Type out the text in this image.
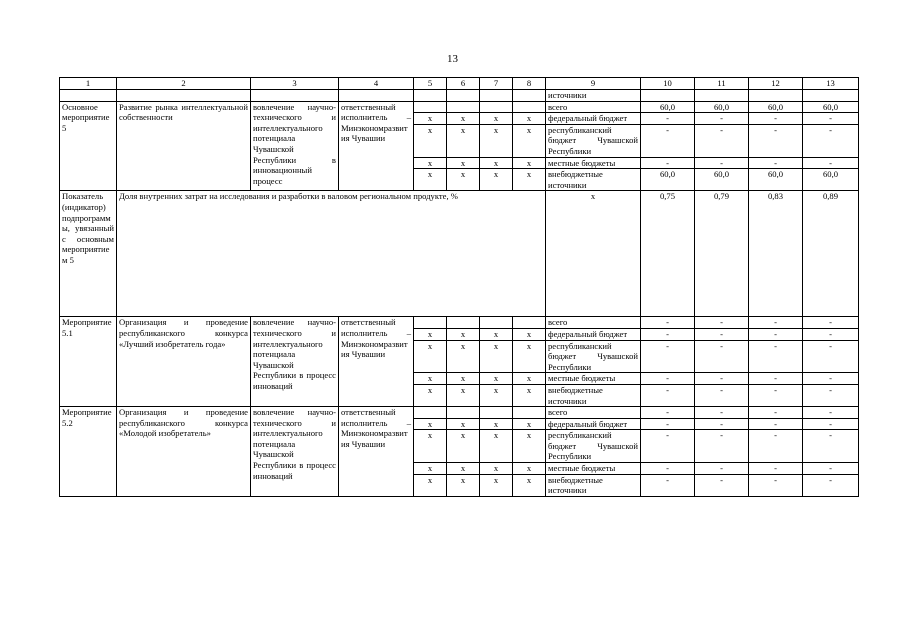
13
1	2	3	4	5	6	7	8	9	10	11	12	13
								источники				
Основное мероприятие 5	Развитие рынка интеллектуальной собственности	вовлечение научно-технического и интеллектуального потенциала Чувашской Республики в инновационный процесс	ответственный исполнитель – Минэкономразвития Чувашии					всего	60,0	60,0	60,0	60,0
				x	x	x	x	федеральный бюджет	-	-	-	-
				x	x	x	x	республиканский бюджет Чувашской Республики	-	-	-	-
				x	x	x	x	местные бюджеты	-	-	-	-
				x	x	x	x	внебюджетные источники	60,0	60,0	60,0	60,0
Показатель (индикатор) подпрограммы, увязанный с основным мероприятием 5	Доля внутренних затрат на исследования и разработки в валовом региональном продукте, %							x	0,75	0,79	0,83	0,89
Мероприятие 5.1	Организация и проведение республиканского конкурса «Лучший изобретатель года»	вовлечение научно-технического и интеллектуального потенциала Чувашской Республики в процесс инноваций	ответственный исполнитель – Минэкономразвития Чувашии					всего	-	-	-	-
				x	x	x	x	федеральный бюджет	-	-	-	-
				x	x	x	x	республиканский бюджет Чувашской Республики	-	-	-	-
				x	x	x	x	местные бюджеты	-	-	-	-
				x	x	x	x	внебюджетные источники	-	-	-	-
Мероприятие 5.2	Организация и проведение республиканского конкурса «Молодой изобретатель»	вовлечение научно-технического и интеллектуального потенциала Чувашской Республики в процесс инноваций	ответственный исполнитель – Минэкономразвития Чувашии					всего	-	-	-	-
				x	x	x	x	федеральный бюджет	-	-	-	-
				x	x	x	x	республиканский бюджет Чувашской Республики	-	-	-	-
				x	x	x	x	местные бюджеты	-	-	-	-
				x	x	x	x	внебюджетные источники	-	-	-	-
